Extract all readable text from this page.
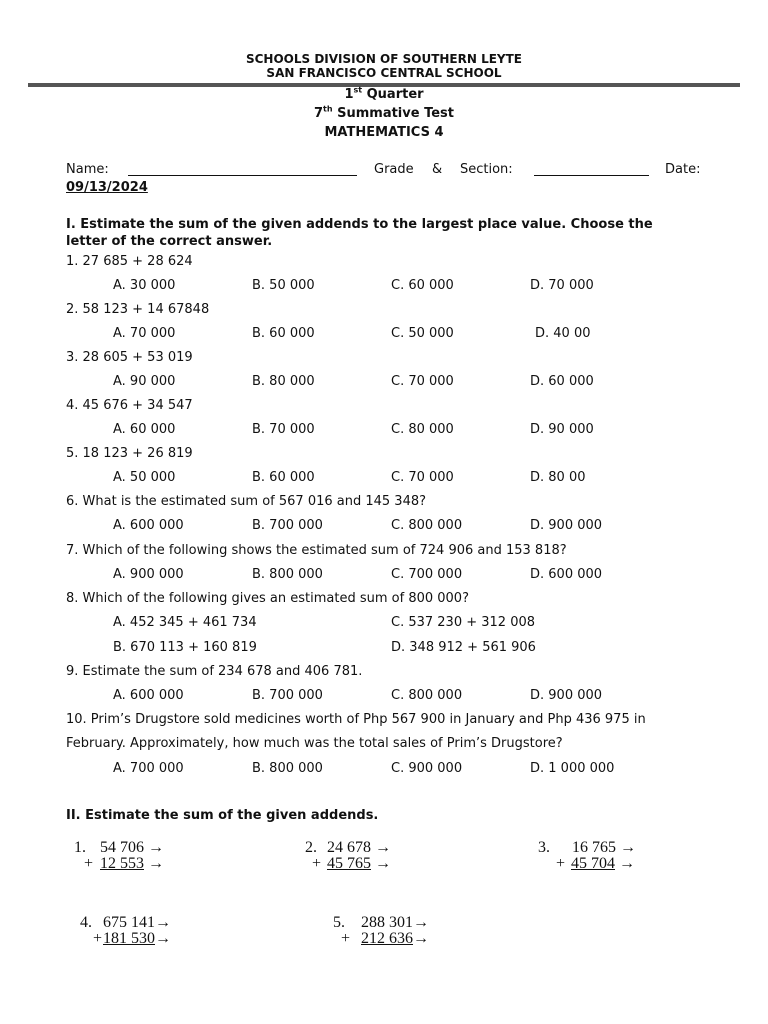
SCHOOLS DIVISION OF SOUTHERN LEYTE
SAN FRANCISCO CENTRAL SCHOOL
1st Quarter
7th Summative Test
MATHEMATICS 4
Name:	Grade & Section:	Date:
09/13/2024
I. Estimate the sum of the given addends to the largest place value. Choose the
letter of the correct answer.
1. 27 685 + 28 624
A. 30 000	B. 50 000	C. 60 000	D. 70 000
2. 58 123 + 14 67848
A. 70 000	B. 60 000	C. 50 000	D. 40 00
3. 28 605 + 53 019
A. 90 000	B. 80 000	C. 70 000	D. 60 000
4. 45 676 + 34 547
A. 60 000	B. 70 000	C. 80 000	D. 90 000
5. 18 123 + 26 819
A. 50 000	B. 60 000	C. 70 000	D. 80 00
6. What is the estimated sum of 567 016 and 145 348?
A. 600 000	B. 700 000	C. 800 000	D. 900 000
7. Which of the following shows the estimated sum of 724 906 and 153 818?
A. 900 000	B. 800 000	C. 700 000	D. 600 000
8. Which of the following gives an estimated sum of 800 000?
A. 452 345 + 461 734	C. 537 230 + 312 008
B. 670 113 + 160 819	D. 348 912 + 561 906
9. Estimate the sum of 234 678 and 406 781.
A. 600 000	B. 700 000	C. 800 000	D. 900 000
10. Prim’s Drugstore sold medicines worth of Php 567 900 in January and Php 436 975 in
February. Approximately, how much was the total sales of Prim’s Drugstore?
A. 700 000	B. 800 000	C. 900 000	D. 1 000 000
II. Estimate the sum of the given addends.
1. 54 706 →
+ 12 553 →
2. 24 678 →
+ 45 765 →
3. 16 765 →
+ 45 704 →
4. 675 141→
+ 181 530→
5. 288 301→
+ 212 636→
